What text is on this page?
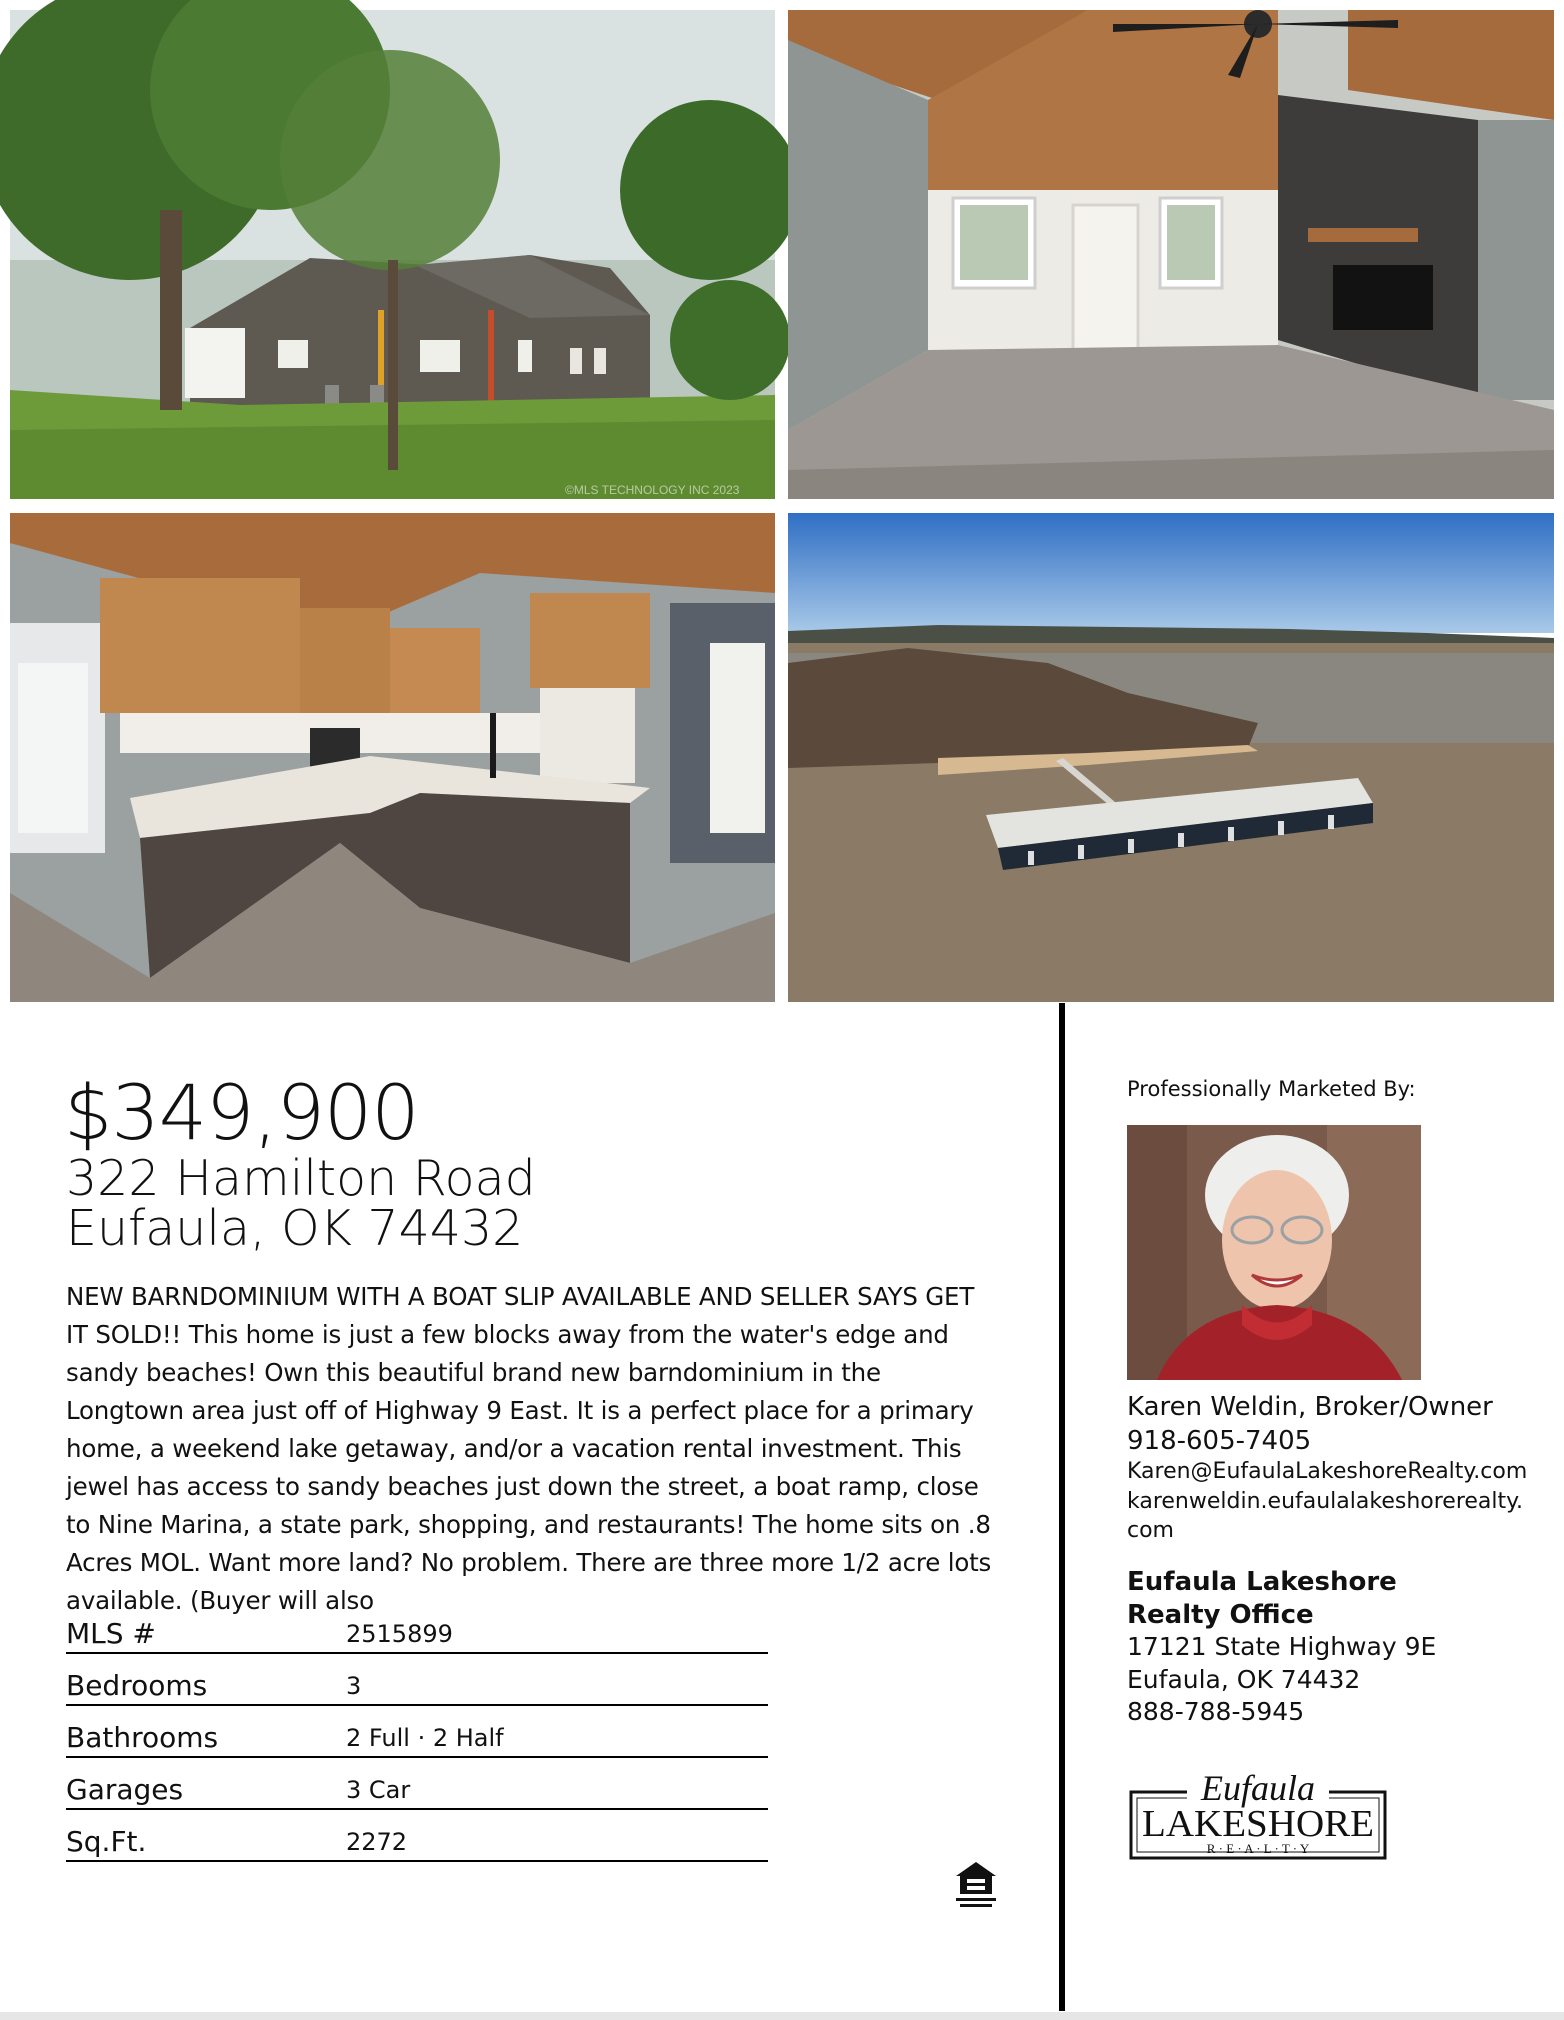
©MLS TECHNOLOGY INC 2023
$349,900
322 Hamilton Road
Eufaula, OK 74432
NEW BARNDOMINIUM WITH A BOAT SLIP AVAILABLE AND SELLER SAYS GET IT SOLD!! This home is just a few blocks away from the water's edge and sandy beaches! Own this beautiful brand new barndominium in the Longtown area just off of Highway 9 East. It is a perfect place for a primary home, a weekend lake getaway, and/or a vacation rental investment. This jewel has access to sandy beaches just down the street, a boat ramp, close to Nine Marina, a state park, shopping, and restaurants! The home sits on .8 Acres MOL. Want more land? No problem. There are three more 1/2 acre lots available. (Buyer will also
MLS #	2515899
Bedrooms	3
Bathrooms	2 Full · 2 Half
Garages	3 Car
Sq.Ft.	2272
Professionally Marketed By:
Karen Weldin, Broker/Owner
918-605-7405
Karen@EufaulaLakeshoreRealty.com
karenweldin.eufaulalakeshorerealty.com
Eufaula Lakeshore Realty Office
17121 State Highway 9E
Eufaula, OK 74432
888-788-5945
Eufaula
LAKESHORE
R · E · A · L · T · Y
